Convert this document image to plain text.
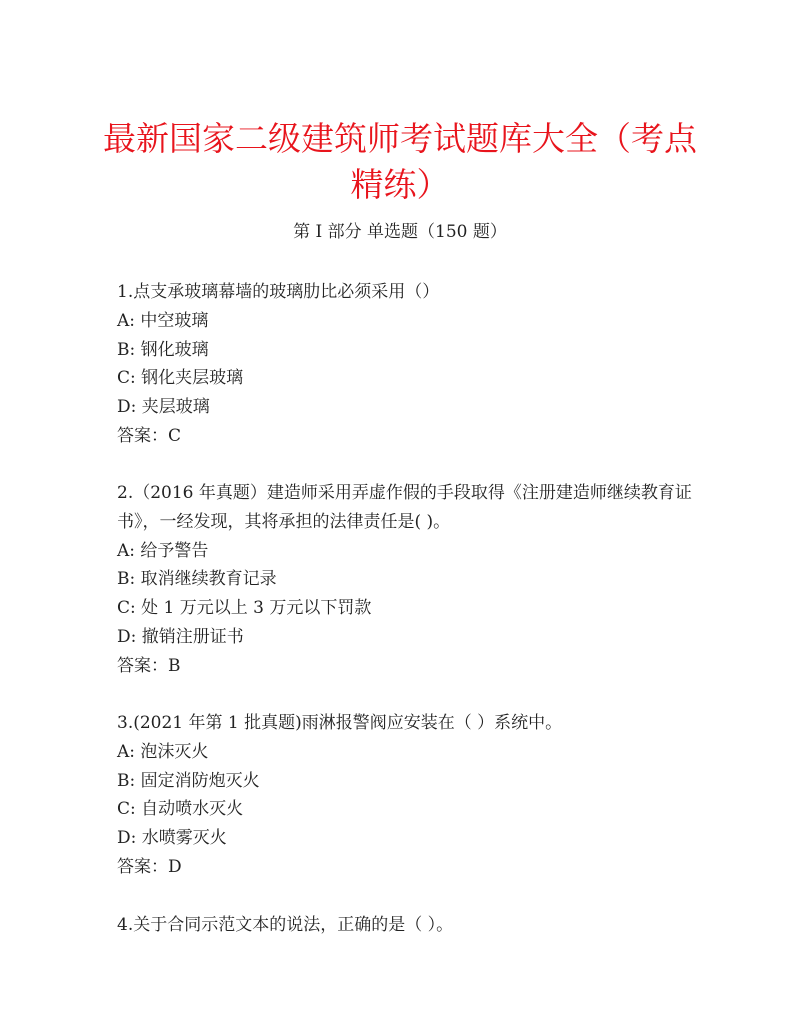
最新国家二级建筑师考试题库大全（考点精练）
第 I 部分 单选题（150 题）

1.点支承玻璃幕墙的玻璃肋比必须采用（）

A: 中空玻璃

B: 钢化玻璃

C: 钢化夹层玻璃

D: 夹层玻璃

答案：C

2.（2016 年真题）建造师采用弄虚作假的手段取得《注册建造师继续教育证书》，一经发现，其将承担的法律责任是( )。

A: 给予警告

B: 取消继续教育记录

C: 处 1 万元以上 3 万元以下罚款

D: 撤销注册证书

答案：B

3.(2021 年第 1 批真题)雨淋报警阀应安装在（ ）系统中。

A: 泡沫灭火

B: 固定消防炮灭火

C: 自动喷水灭火

D: 水喷雾灭火

答案：D

4.关于合同示范文本的说法，正确的是（ ）。
